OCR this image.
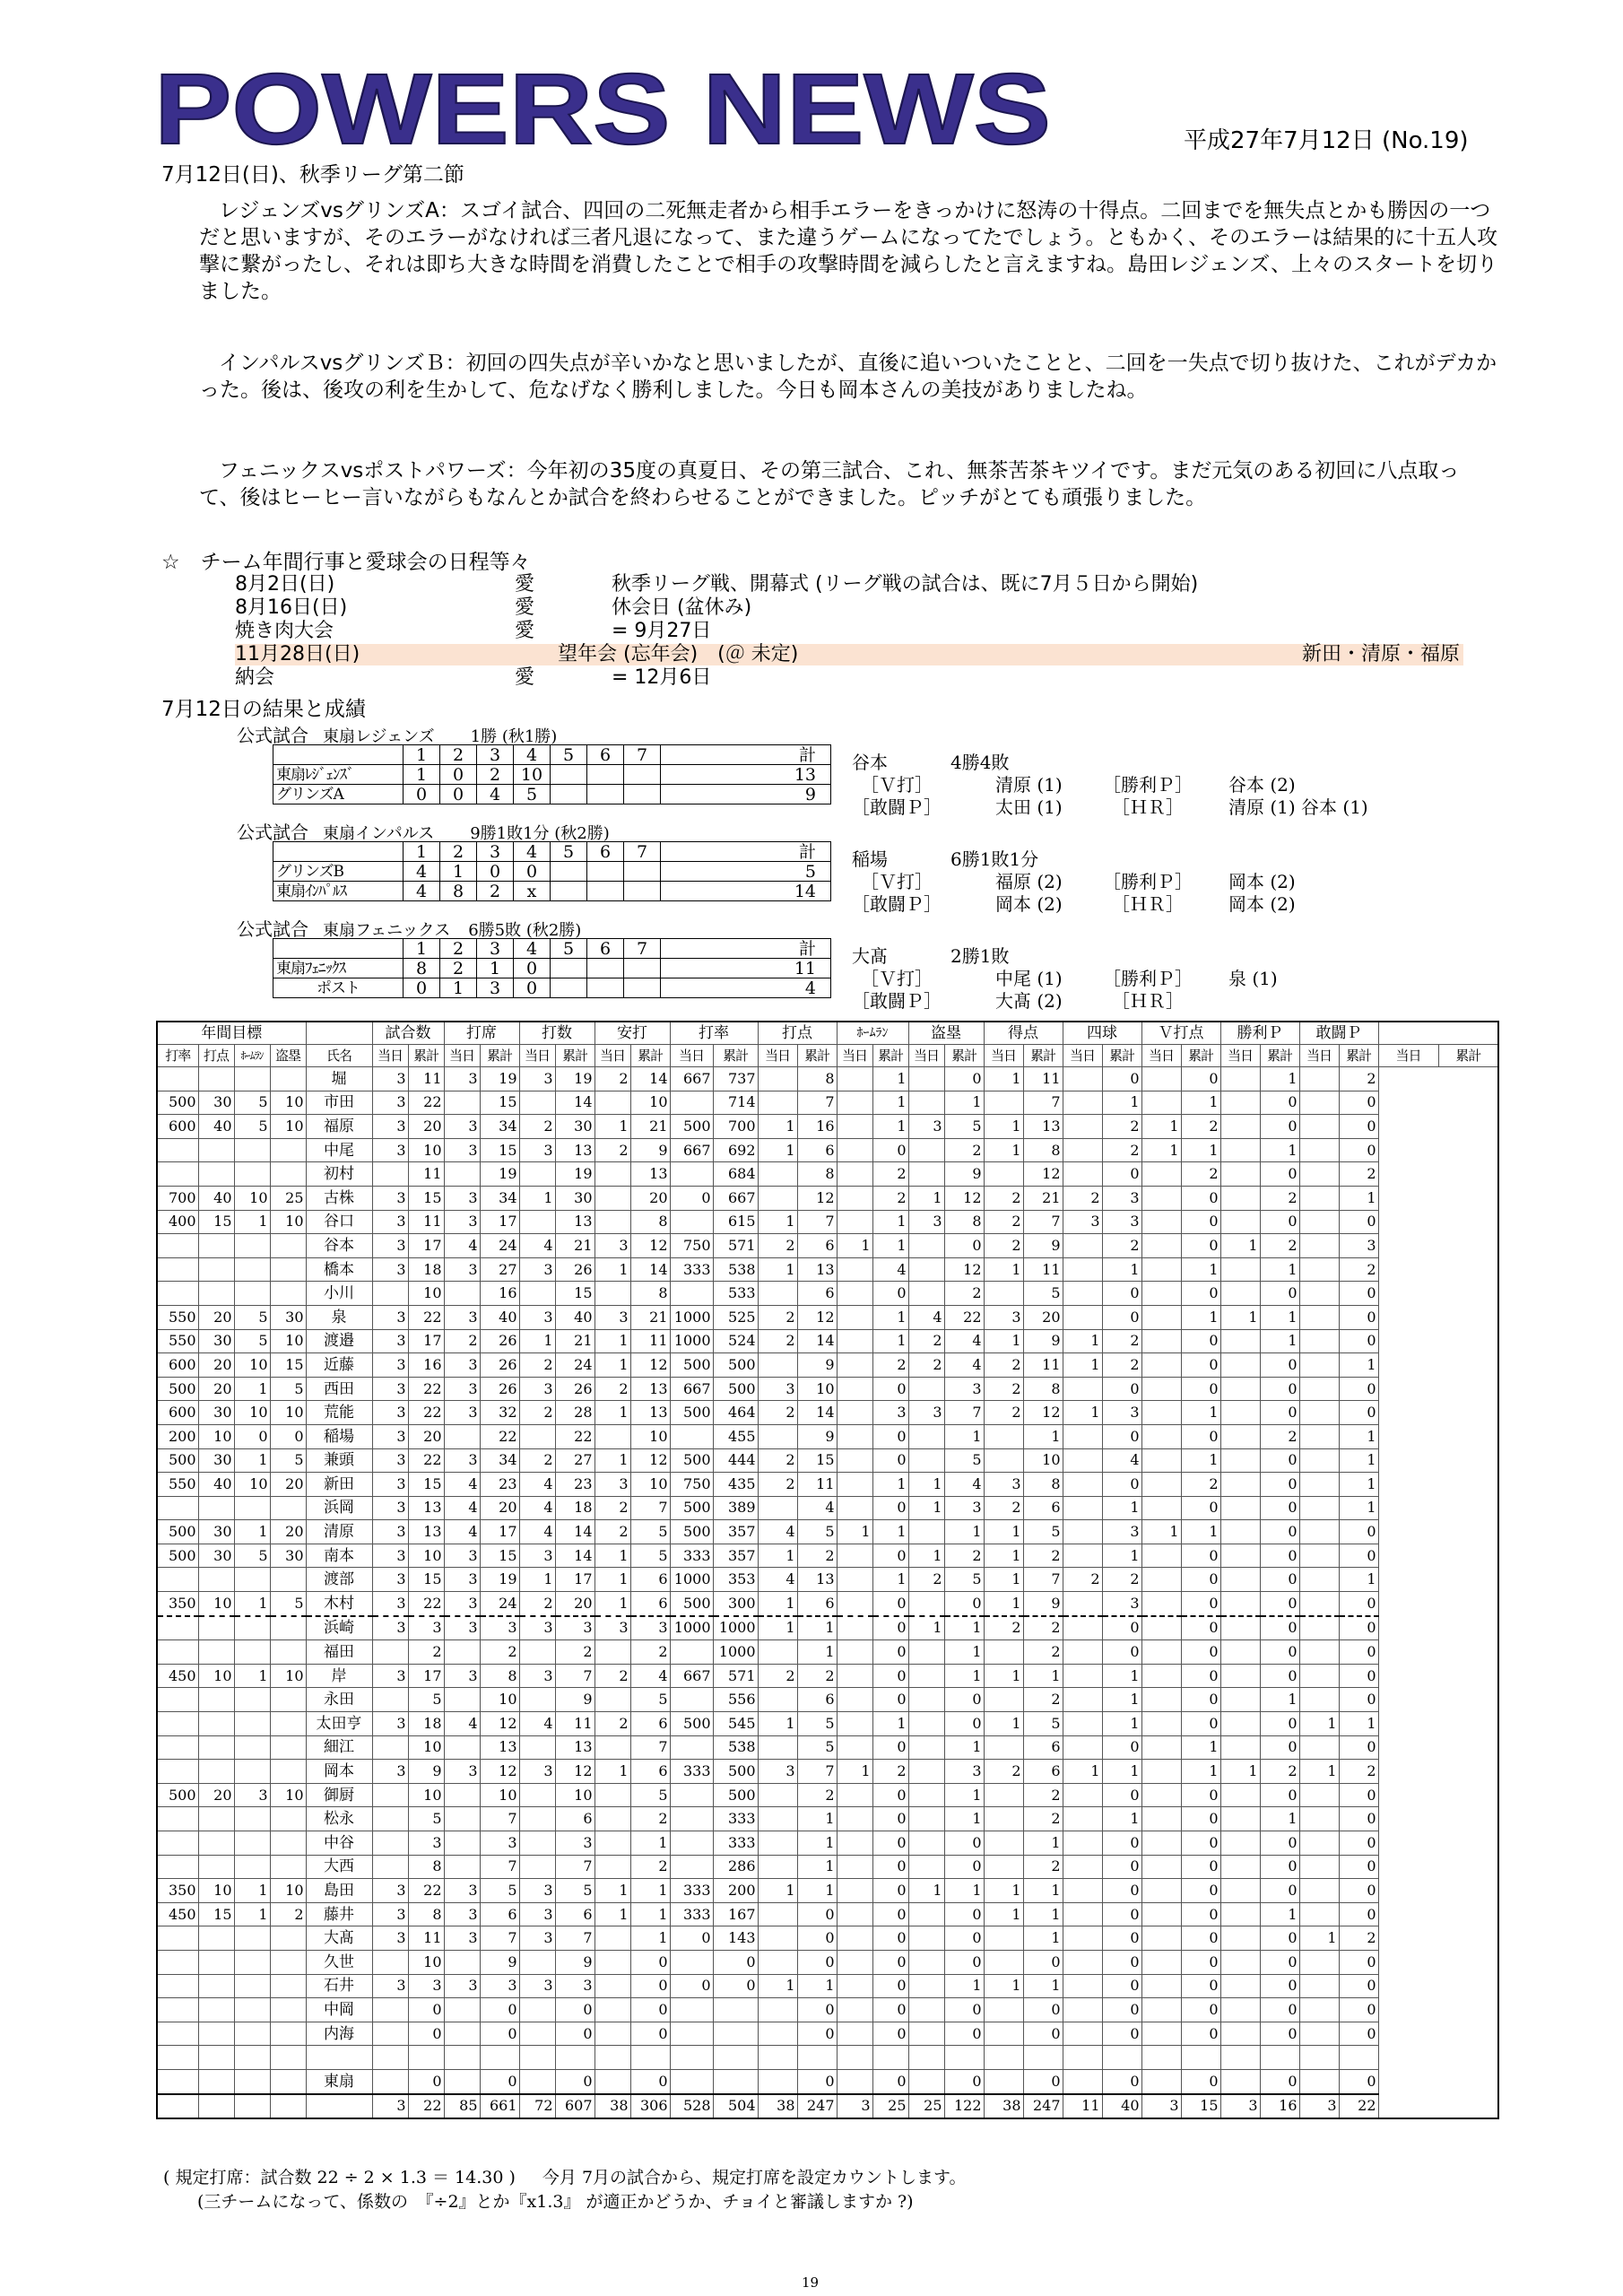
POWERS NEWS	平成27年7月12日 (No.19)
7月12日(日)、秋季リーグ第二節

レジェンズvsグリンズA：スゴイ試合、四回の二死無走者から相手エラーをきっかけに怒涛の十得点。二回までを無失点とかも勝因の一つだと思いますが、そのエラーがなければ三者凡退になって、また違うゲームになってたでしょう。ともかく、そのエラーは結果的に十五人攻撃に繋がったし、それは即ち大きな時間を消費したことで相手の攻撃時間を減らしたと言えますね。島田レジェンズ、上々のスタートを切りました。

インパルスvsグリンズＢ：初回の四失点が辛いかなと思いましたが、直後に追いついたことと、二回を一失点で切り抜けた、これがデカかった。後は、後攻の利を生かして、危なげなく勝利しました。今日も岡本さんの美技がありましたね。

フェニックスvsポストパワーズ：今年初の35度の真夏日、その第三試合、これ、無茶苦茶キツイです。まだ元気のある初回に八点取って、後はヒーヒー言いながらもなんとか試合を終わらせることができました。ピッチがとても頑張りました。

☆　チーム年間行事と愛球会の日程等々
8月2日(日)	愛	秋季リーグ戦、開幕式 (リーグ戦の試合は、既に7月５日から開始)
8月16日(日)	愛	休会日 (盆休み)
焼き肉大会	愛	= 9月27日
11月28日(日)	望年会 (忘年会)　(＠ 未定)	新田・清原・福原
納会	愛	= 12月6日
7月12日の結果と成績
公式試合 東扇レジェンズ 1勝 (秋1勝)
	1	2	3	4	5	6	7	計
東扇ﾚｼﾞｪﾝｽﾞ	1	0	2	10				13
グリンズA	0	0	4	5				9
谷本	4勝4敗
［Ｖ打］	清原 (1) ［勝利Ｐ］ 谷本 (2)
［敢闘Ｐ］	太田 (1)	［ＨＲ］	清原 (1) 谷本 (1)
公式試合 東扇インパルス 9勝1敗1分 (秋2勝)
	1	2	3	4	5	6	7	計
グリンズB	4	1	0	0				5
東扇ｲﾝﾊﾟﾙｽ	4	8	2	x				14
稲場	6勝1敗1分
［Ｖ打］	福原 (2) ［勝利Ｐ］ 岡本 (2)
［敢闘Ｐ］	岡本 (2)	［ＨＲ］	岡本 (2)
公式試合 東扇フェニックス 6勝5敗 (秋2勝)
	1	2	3	4	5	6	7	計
東扇ﾌｪﾆｯｸｽ	8	2	1	0				11
ポスト	0	1	3	0				4
大髙	2勝1敗
［Ｖ打］	中尾 (1) ［勝利Ｐ］ 泉 (1)
［敢闘Ｐ］	大髙 (2)	［ＨＲ］
年間目標					試合数		打席		打数		安打		打率		打点		ﾎｰﾑﾗﾝ		盗塁		得点		四球		Ｖ打点		勝利Ｐ		敢闘Ｐ			
打率	打点	ﾎｰﾑﾗﾝ	盗塁	氏名	当日	累計	当日	累計	当日	累計	当日	累計	当日	累計	当日	累計	当日	累計	当日	累計	当日	累計	当日	累計	当日	累計	当日	累計	当日	累計	当日	累計
				堀	3	11	3	19	3	19	2	14	667	737		8		1		0	1	11		0		0		1		2		
500	30	5	10	市田	3	22		15		14		10		714		7		1		1		7		1		1		0		0		
600	40	5	10	福原	3	20	3	34	2	30	1	21	500	700	1	16		1	3	5	1	13		2	1	2		0		0		
				中尾	3	10	3	15	3	13	2	9	667	692	1	6		0		2	1	8		2	1	1		1		0		
				初村		11		19		19		13		684		8		2		9		12		0		2		0		2		
700	40	10	25	古株	3	15	3	34	1	30		20	0	667		12		2	1	12	2	21	2	3		0		2		1		
400	15	1	10	谷口	3	11	3	17		13		8		615	1	7		1	3	8	2	7	3	3		0		0		0		
				谷本	3	17	4	24	4	21	3	12	750	571	2	6	1	1		0	2	9		2		0	1	2		3		
				橋本	3	18	3	27	3	26	1	14	333	538	1	13		4		12	1	11		1		1		1		2		
				小川		10		16		15		8		533		6		0		2		5		0		0		0		0		
550	20	5	30	泉	3	22	3	40	3	40	3	21	1000	525	2	12		1	4	22	3	20		0		1	1	1		0		
550	30	5	10	渡邉	3	17	2	26	1	21	1	11	1000	524	2	14		1	2	4	1	9	1	2		0		1		0		
600	20	10	15	近藤	3	16	3	26	2	24	1	12	500	500		9		2	2	4	2	11	1	2		0		0		1		
500	20	1	5	西田	3	22	3	26	3	26	2	13	667	500	3	10		0		3	2	8		0		0		0		0		
600	30	10	10	荒能	3	22	3	32	2	28	1	13	500	464	2	14		3	3	7	2	12	1	3		1		0		0		
200	10	0	0	稲場	3	20		22		22		10		455		9		0		1		1		0		0		2		1		
500	30	1	5	兼頭	3	22	3	34	2	27	1	12	500	444	2	15		0		5		10		4		1		0		1		
550	40	10	20	新田	3	15	4	23	4	23	3	10	750	435	2	11		1	1	4	3	8		0		2		0		1		
				浜岡	3	13	4	20	4	18	2	7	500	389		4		0	1	3	2	6		1		0		0		1		
500	30	1	20	清原	3	13	4	17	4	14	2	5	500	357	4	5	1	1		1	1	5		3	1	1		0		0		
500	30	5	30	南本	3	10	3	15	3	14	1	5	333	357	1	2		0	1	2	1	2		1		0		0		0		
				渡部	3	15	3	19	1	17	1	6	1000	353	4	13		1	2	5	1	7	2	2		0		0		1		
350	10	1	5	木村	3	22	3	24	2	20	1	6	500	300	1	6		0		0	1	9		3		0		0		0		
				浜崎	3	3	3	3	3	3	3	3	1000	1000	1	1		0	1	1	2	2		0		0		0		0		
				福田		2		2		2		2		1000		1		0		1		2		0		0		0		0		
450	10	1	10	岸	3	17	3	8	3	7	2	4	667	571	2	2		0		1	1	1		1		0		0		0		
				永田		5		10		9		5		556		6		0		0		2		1		0		1		0		
				太田亨	3	18	4	12	4	11	2	6	500	545	1	5		1		0	1	5		1		0		0	1	1		
				細江		10		13		13		7		538		5		0		1		6		0		1		0		0		
				岡本	3	9	3	12	3	12	1	6	333	500	3	7	1	2		3	2	6	1	1		1	1	2	1	2		
500	20	3	10	御厨		10		10		10		5		500		2		0		1		2		0		0		0		0		
				松永		5		7		6		2		333		1		0		1		2		1		0		1		0		
				中谷		3		3		3		1		333		1		0		0		1		0		0		0		0		
				大西		8		7		7		2		286		1		0		0		2		0		0		0		0		
350	10	1	10	島田	3	22	3	5	3	5	1	1	333	200	1	1		0	1	1	1	1		0		0		0		0		
450	15	1	2	藤井	3	8	3	6	3	6	1	1	333	167		0		0		0	1	1		0		0		1		0		
				大髙	3	11	3	7	3	7		1	0	143		0		0		0		1		0		0		0	1	2		
				久世		10		9		9		0		0		0		0		0		0		0		0		0		0		
				石井	3	3	3	3	3	3		0	0	0	1	1		0		1	1	1		0		0		0		0		
				中岡		0		0		0		0				0		0		0		0		0		0		0		0		
				内海		0		0		0		0				0		0		0		0		0		0		0		0		

				東扇		0		0		0		0				0		0		0		0		0		0		0		0		
					3	22	85	661	72	607	38	306	528	504	38	247	3	25	25	122	38	247	11	40	3	15	3	16	3	22		
( 規定打席：試合数 22 ÷ 2 × 1.3 ＝ 14.30 ) 今月 7月の試合から、規定打席を設定カウントします。
(三チームになって、係数の　『÷2』とか『x1.3』 が適正かどうか、チョイと審議しますか ?)
19
